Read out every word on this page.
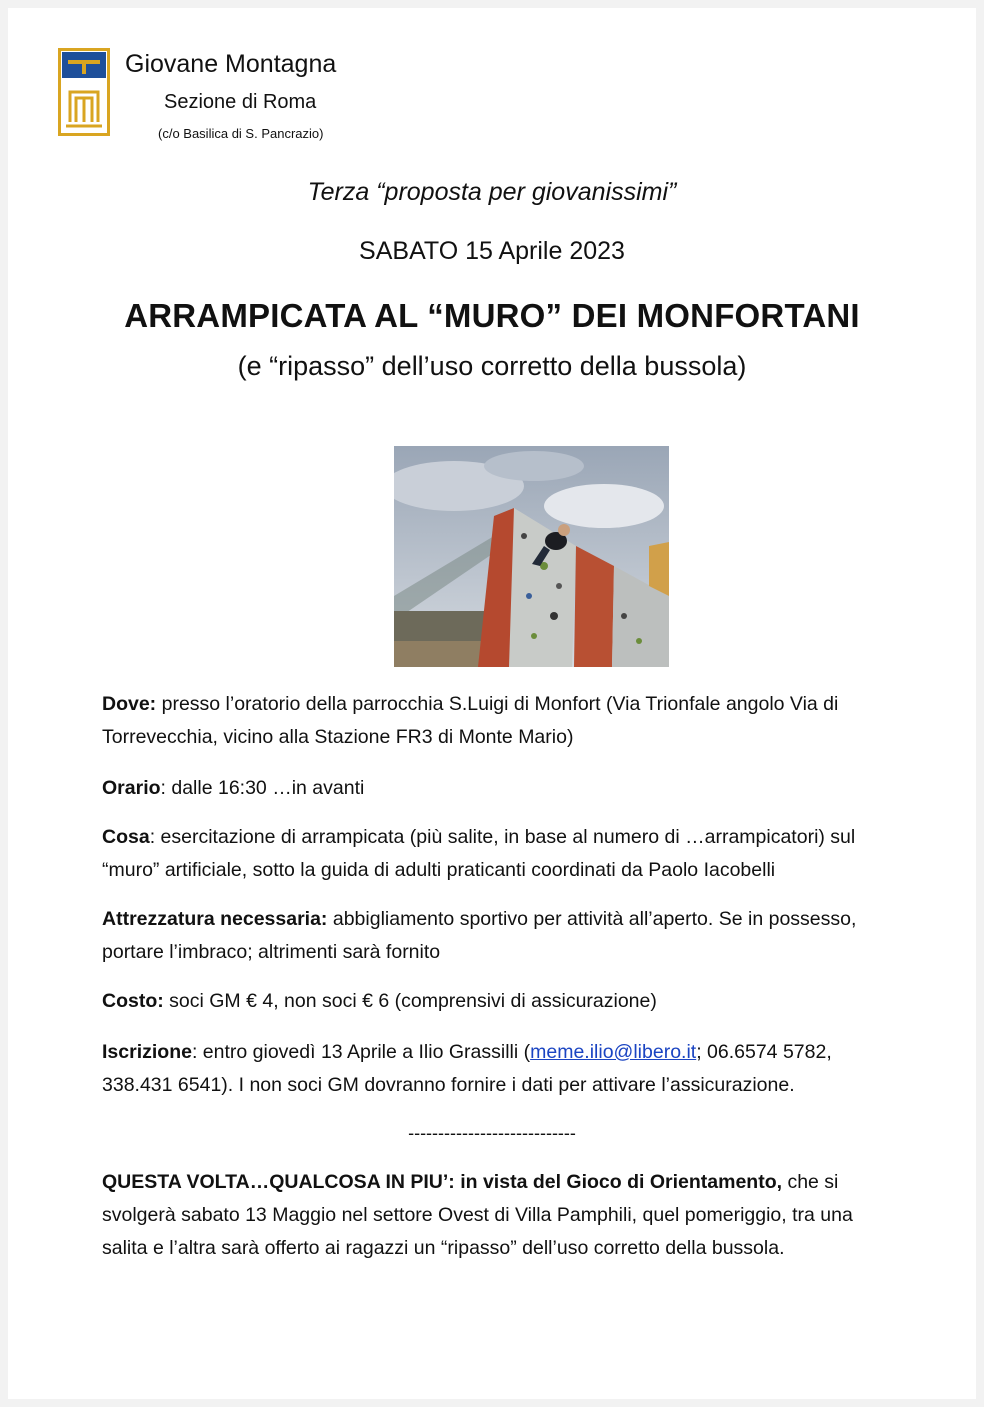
Giovane Montagna
Sezione di Roma
(c/o Basilica di S. Pancrazio)
Terza “proposta per giovanissimi”
SABATO 15 Aprile 2023
ARRAMPICATA AL “MURO” DEI MONFORTANI
(e “ripasso” dell’uso corretto della bussola)

Dove: presso l’oratorio della parrocchia S.Luigi di Monfort (Via Trionfale angolo Via di Torrevecchia, vicino alla Stazione FR3 di Monte Mario)

Orario: dalle 16:30 …in avanti

Cosa: esercitazione di arrampicata (più salite, in base al numero di …arrampicatori) sul “muro” artificiale, sotto la guida di adulti praticanti coordinati da Paolo Iacobelli

Attrezzatura necessaria: abbigliamento sportivo per attività all’aperto. Se in possesso, portare l’imbraco; altrimenti sarà fornito

Costo: soci GM € 4, non soci € 6 (comprensivi di assicurazione)

Iscrizione: entro giovedì 13 Aprile a Ilio Grassilli (meme.ilio@libero.it; 06.6574 5782, 338.431 6541). I non soci GM dovranno fornire i dati per attivare l’assicurazione.

----------------------------

QUESTA VOLTA…QUALCOSA IN PIU’: in vista del Gioco di Orientamento, che si svolgerà sabato 13 Maggio nel settore Ovest di Villa Pamphili, quel pomeriggio, tra una salita e l’altra sarà offerto ai ragazzi un “ripasso” dell’uso corretto della bussola.
